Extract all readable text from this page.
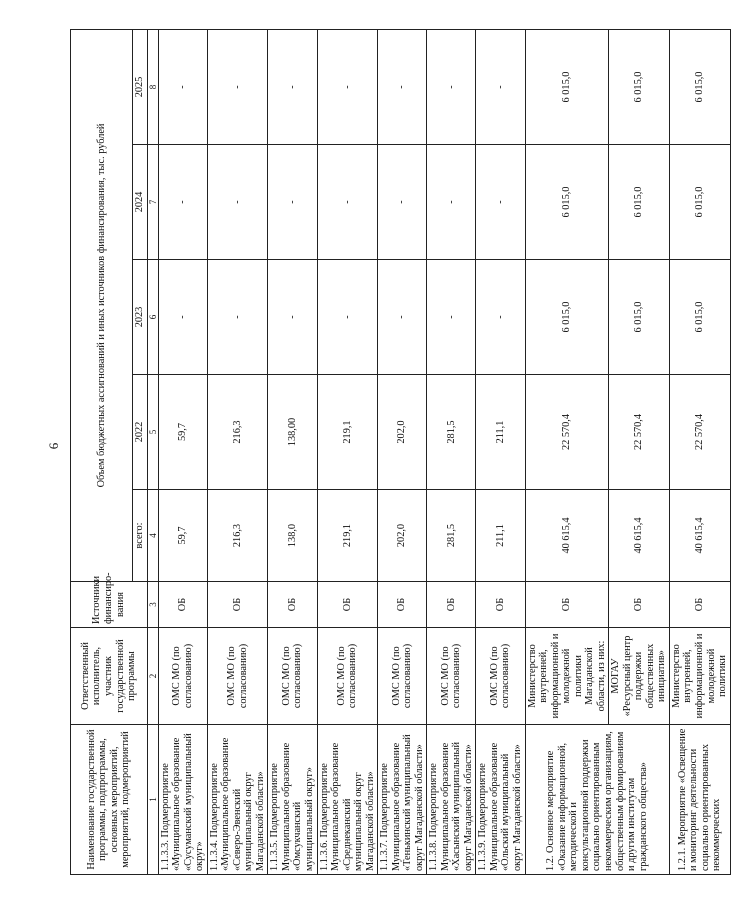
6
Наименование государственной программы, подпрограммы, основных мероприятий, мероприятий, подмероприятий	Ответственный исполнитель, участник государственной программы	Источники финансиро-вания	Объем бюджетных ассигнований и иных источников финансирования, тыс. рублей				
			всего:	2022	2023	2024	2025
1	2	3	4	5	6	7	8
1.1.3.3. Подмероприятие «Муниципальное образование «Сусуманский муниципальный округ»	ОМС МО (по согласованию)	ОБ	59,7	59,7	-	-	-
1.1.3.4. Подмероприятие «Муниципальное образование «Северо-Эвенский муниципальный округ Магаданской области»	ОМС МО (по согласованию)	ОБ	216,3	216,3	-	-	-
1.1.3.5. Подмероприятие Муниципальное образование «Омсукчанский муниципальный округ»	ОМС МО (по согласованию)	ОБ	138,0	138,00	-	-	-
1.1.3.6. Подмероприятие Муниципальное образование «Среднеканский муниципальный округ Магаданской области»	ОМС МО (по согласованию)	ОБ	219,1	219,1	-	-	-
1.1.3.7. Подмероприятие Муниципальное образование «Тенькинский муниципальный округ Магаданской области»	ОМС МО (по согласованию)	ОБ	202,0	202,0	-	-	-
1.1.3.8. Подмероприятие Муниципальное образование «Хасынский муниципальный округ Магаданской области»	ОМС МО (по согласованию)	ОБ	281,5	281,5	-	-	-
1.1.3.9. Подмероприятие Муниципальное образование «Ольский муниципальный округ Магаданской области»	ОМС МО (по согласованию)	ОБ	211,1	211,1	-	-	-
1.2. Основное мероприятие «Оказание информационной, методической и консультационной поддержки социально ориентированным некоммерческим организациям, общественным формированиям и другим институтам гражданского общества»	Министерство внутренней, информационной и молодежной политики Магаданской области, из них:	ОБ	40 615,4	22 570,4	6 015,0	6 015,0	6 015,0
	МОГАУ «Ресурсный центр поддержки общественных инициатив»	ОБ	40 615,4	22 570,4	6 015,0	6 015,0	6 015,0
1.2.1. Мероприятие «Освещение и мониторинг деятельности социально ориентированных некоммерческих	Министерство внутренней, информационной и молодежной политики	ОБ	40 615,4	22 570,4	6 015,0	6 015,0	6 015,0
